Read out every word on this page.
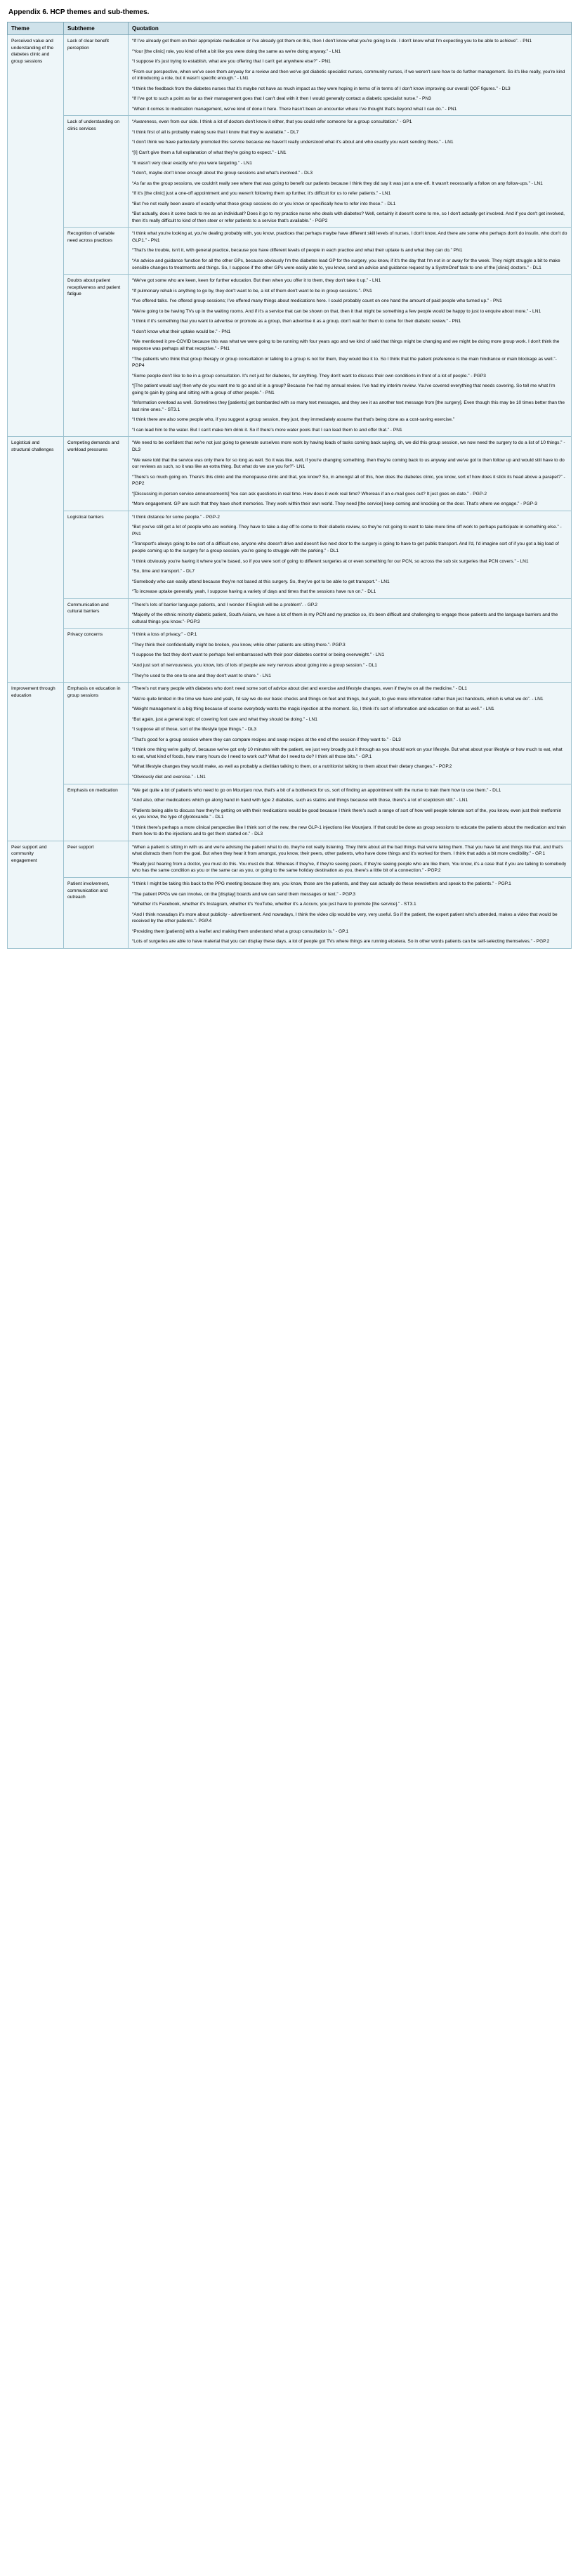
Appendix 6. HCP themes and sub-themes.
Theme	Subtheme	Quotation
Perceived value and understanding of the diabetes clinic and group sessions	Lack of clear benefit perception	

“If I've already got them on their appropriate medication or I've already got them on this, then I don't know what you're going to do. I don't know what I'm expecting you to be able to achieve”. - PN1

“Your [the clinic] role, you kind of felt a bit like you were doing the same as we're doing anyway.” - LN1

“I suppose it's just trying to establish, what are you offering that I can't get anywhere else?” - PN1

“From our perspective, when we've seen them anyway for a review and then we've got diabetic specialist nurses, community nurses, if we weren't sure how to do further management. So it's like really, you're kind of introducing a role, but it wasn't specific enough.” - LN1

“I think the feedback from the diabetes nurses that it's maybe not have as much impact as they were hoping in terms of in terms of I don't know improving our overall QOF figures.” - DL3

“If I've got to such a point as far as their management goes that I can't deal with it then I would generally contact a diabetic specialist nurse.” - PN3

“When it comes to medication management, we've kind of done it here. There hasn't been an encounter where I've thought that's beyond what I can do.” - PN1

Lack of understanding on clinic services	

“Awareness, even from our side. I think a lot of doctors don't know it either, that you could refer someone for a group consultation.” - GP1

“I think first of all is probably making sure that I know that they're available.” - DL7

“I don't think we have particularly promoted this service because we haven't really understood what it's about and who exactly you want sending there.” - LN1

“[I] Can't give them a full explanation of what they're going to expect.” - LN1

“It wasn't very clear exactly who you were targeting.” - LN1

“I don't, maybe don't know enough about the group sessions and what's involved.” - DL3

“As far as the group sessions, we couldn't really see where that was going to benefit our patients because I think they did say it was just a one-off. It wasn't necessarily a follow on any follow-ups.” - LN1

“If it's [the clinic] just a one-off appointment and you weren't following them up further, it's difficult for us to refer patients.” - LN1

“But I've not really been aware of exactly what those group sessions do or you know or specifically how to refer into those.” - DL1

“But actually, does it come back to me as an individual? Does it go to my practice nurse who deals with diabetes? Well, certainly it doesn't come to me, so I don't actually get involved. And if you don't get involved, then it's really difficult to kind of then steer or refer patients to a service that's available.” - PGP2

	Recognition of variable need across practices	“I think what you're looking at, you're dealing probably with, you know, practices that perhaps maybe have different skill levels of nurses, I don't know. And there are some who perhaps don't do insulin, who don't do GLP1.” - PN1

“That's the trouble, isn't it, with general practice, because you have different levels of people in each practice and what their uptake is and what they can do.” PN1

“An advice and guidance function for all the other GPs, because obviously I'm the diabetes lead GP for the surgery, you know, if it's the day that I'm not in or away for the week. They might struggle a bit to make sensible changes to treatments and things. So, I suppose if the other GPs were easily able to, you know, send an advice and guidance request by a SystmOnef task to one of the [clinic] doctors.” - DL1

Doubts about patient receptiveness and patient fatigue	

“We've got some who are keen, keen for further education. But then when you offer it to them, they don't take it up.” - LN1

“If pulmonary rehab is anything to go by, they don't want to be, a lot of them don't want to be in group sessions.”- PN1

“I've offered talks. I've offered group sessions; I've offered many things about medications here. I could probably count on one hand the amount of paid people who turned up.” - PN1

“We're going to be having TVs up in the waiting rooms. And if it's a service that can be shown on that, then it that might be something a few people would be happy to just to enquire about more.” - LN1

“I think if it's something that you want to advertise or promote as a group, then advertise it as a group, don't wait for them to come for their diabetic review.” - PN1

“I don't know what their uptake would be.” - PN1

“We mentioned it pre-COVID because this was what we were going to be running with four years ago and we kind of said that things might be changing and we might be doing more group work. I don't think the response was perhaps all that receptive.” - PN1

“The patients who think that group therapy or group consultation or talking to a group is not for them, they would like it to. So I think that the patient preference is the main hindrance or main blockage as well.”- PGP4

“Some people don't like to be in a group consultation. It's not just for diabetes, for anything. They don't want to discuss their own conditions in front of a lot of people.” - PGP3

“[The patient would say] then why do you want me to go and sit in a group? Because I've had my annual review. I've had my interim review. You've covered everything that needs covering. So tell me what I'm going to gain by going and sitting with a group of other people.” - PN1

“Information overload as well. Sometimes they [patients] get bombarded with so many text messages, and they see it as another text message from [the surgery]. Even though this may be 10 times better than the last nine ones.” - ST3.1

“I think there are also some people who, if you suggest a group session, they just, they immediately assume that that's being done as a cost-saving exercise.”

“I can lead him to the water. But I can't make him drink it. So if there's more water pools that I can lead them to and offer that.” - PN1

Logistical and structural challenges	Competing demands and workload pressures	“We need to be confident that we're not just going to generate ourselves more work by having loads of tasks coming back saying, oh, we did this group session, we now need the surgery to do a list of 10 things.” - DL3

“We were told that the service was only there for so long as well. So it was like, well, if you're changing something, then they're coming back to us anyway and we've got to then follow up and would still have to do our reviews as such, so it was like an extra thing. But what do we use you for?”- LN1

“There's so much going on. There's this clinic and the menopause clinic and that, you know? So, in amongst all of this, how does the diabetes clinic, you know, sort of how does it stick its head above a parapet?” - PGP2

“[Discussing in-person service announcements] You can ask questions in real time. How does it work real time? Whereas if an e-mail goes out? It just goes on date.” - PGP-2

“More engagement. GP are such that they have short memories. They work within their own world. They need [the service] keep coming and knocking on the door. That's where we engage.” - PGP-3

Logistical barriers	“I think distance for some people.” - PGP-2

“But you've still got a lot of people who are working. They have to take a day off to come to their diabetic review, so they're not going to want to take more time off work to perhaps participate in something else.” - PN1

“Transport's always going to be sort of a difficult one, anyone who doesn't drive and doesn't live next door to the surgery is going to have to get public transport. And I'd, I'd imagine sort of if you got a big load of people coming up to the surgery for a group session, you're going to struggle with the parking.” - DL1

“I think obviously you're having it where you're based, so if you were sort of going to different surgeries at or even something for our PCN, so across the sub six surgeries that PCN covers.” - LN1

“So, time and transport.” - DL7

“Somebody who can easily attend because they're not based at this surgery. So, they've got to be able to get transport.” - LN1

“To increase uptake generally, yeah, I suppose having a variety of days and times that the sessions have run on.” - DL1

	Communication and cultural barriers	“There's lots of barrier language patients, and I wonder if English will be a problem”. - GP.2

“Majority of the ethnic minority diabetic patient, South Asians, we have a lot of them in my PCN and my practice so, it's been difficult and challenging to engage those patients and the language barriers and the cultural things you know.”- PGP.3

	Privacy concerns	“I think a loss of privacy.” - GP.1

“They think their confidentiality might be broken, you know, while other patients are sitting there.”- PGP.3

“I suppose the fact they don't want to perhaps feel embarrassed with their poor diabetes control or being overweight.” - LN1

“And just sort of nervousness, you know, lots of lots of people are very nervous about going into a group session.” - DL1

“They're used to the one to one and they don't want to share.” - LN1

Improvement through education	Emphasis on education in group sessions	

“There's not many people with diabetes who don't need some sort of advice about diet and exercise and lifestyle changes, even if they're on all the medicine.” - DL1

“We're quite limited in the time we have and yeah, I'd say we do our basic checks and things on feet and things, but yeah, to give more information rather than just handouts, which is what we do”. - LN1

“Weight management is a big thing because of course everybody wants the magic injection at the moment. So, I think it's sort of information and education on that as well.” - LN1

“But again, just a general topic of covering foot care and what they should be doing.” - LN1

“I suppose all of those, sort of the lifestyle type things.” - DL3

“That's good for a group session where they can compare recipes and swap recipes at the end of the session if they want to.” - DL3

“I think one thing we're guilty of, because we've got only 10 minutes with the patient, we just very broadly put it through as you should work on your lifestyle. But what about your lifestyle or how much to eat, what to eat, what kind of foods, how many hours do I need to work out? What do I need to do? I think all those bits.” - GP.1

“What lifestyle changes they would make, as well as probably a dietitian talking to them, or a nutritionist talking to them about their dietary changes.” - PGP.2

“Obviously diet and exercise.” - LN1

	Emphasis on medication	“We get quite a lot of patients who need to go on Mounjaro now, that's a bit of a bottleneck for us, sort of finding an appointment with the nurse to train them how to use them.” - DL1

“And also, other medications which go along hand in hand with type 2 diabetes, such as statins and things because with those, there's a lot of scepticism still.” - LN1

“Patients being able to discuss how they're getting on with their medications would be good because I think there's such a range of sort of how well people tolerate sort of the, you know, even just their metformin or, you know, the type of glyotoxande.” - DL1

“I think there's perhaps a more clinical perspective like I think sort of the new, the new GLP-1 injections like Mounjaro. If that could be done as group sessions to educate the patients about the medication and train them how to do the injections and to get them started on.” - DL3

Peer support and community engagement	Peer support	“When a patient is sitting in with us and we're advising the patient what to do, they're not really listening. They think about all the bad things that we're telling them. That you have fat and things like that, and that's what distracts them from the goal. But when they hear it from amongst, you know, their peers, other patients, who have done things and it's worked for them. I think that adds a bit more credibility.” - GP.1

“Really just hearing from a doctor, you must do this. You must do that. Whereas if they've, if they're seeing peers, if they're seeing people who are like them, You know, it's a case that if you are talking to somebody who has the same condition as you or the same car as you, or going to the same holiday destination as you, there's a little bit of a connection.” - PGP.2

Patient involvement, communication and outreach	

“I think I might be taking this back to the PPG meeting because they are, you know, those are the patients, and they can actually do these newsletters and speak to the patients.” - PGP.1

“The patient PPGs we can involve, on the [display] boards and we can send them messages or text.” - PGP.3

“Whether it's Facebook, whether it's Instagram, whether it's YouTube, whether it's a Accurx, you just have to promote [the service].” - ST3.1

“And I think nowadays it's more about publicity - advertisement. And nowadays, I think the video clip would be very, very useful. So if the patient, the expert patient who's attended, makes a video that would be received by the other patients.”- PGP.4

“Providing them [patients] with a leaflet and making them understand what a group consultation is.” - GP.1

“Lots of surgeries are able to have material that you can display these days, a lot of people got TVs where things are running etcetera. So in other words patients can be self-selecting themselves.” - PGP.2
